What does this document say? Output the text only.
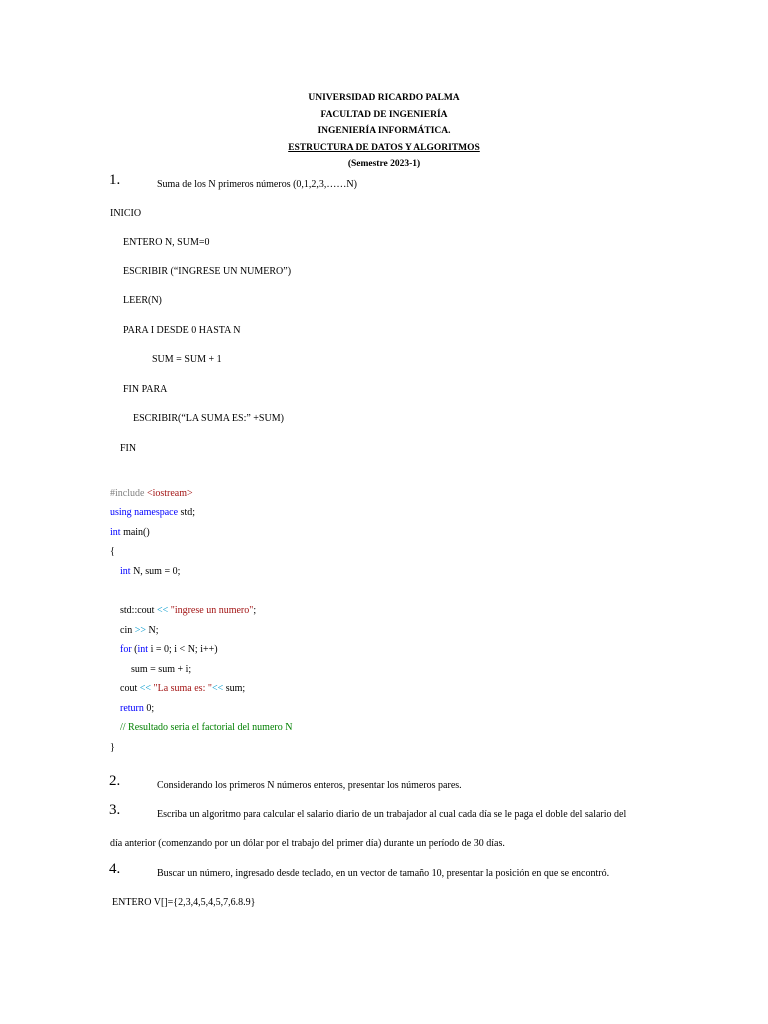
UNIVERSIDAD RICARDO PALMA
FACULTAD DE INGENIERÍA
INGENIERÍA INFORMÁTICA.
ESTRUCTURA DE DATOS Y ALGORITMOS
(Semestre 2023-1)
1.	Suma de los N primeros números (0,1,2,3,……N)
INICIO
ENTERO N, SUM=0
ESCRIBIR (“INGRESE UN NUMERO”)
LEER(N)
PARA I DESDE 0 HASTA N
SUM = SUM + 1
FIN PARA
ESCRIBIR(“LA SUMA ES:” +SUM)
FIN
#include <iostream>
using namespace std;
int main()
{
int N, sum = 0;
std::cout << "ingrese un numero";
cin >> N;
for (int i = 0; i < N; i++)
sum = sum + i;
cout << "La suma es: "<< sum;
return 0;
// Resultado seria el factorial del numero N
}
2.	Considerando los primeros N números enteros, presentar los números pares.
3.	Escriba un algoritmo para calcular el salario diario de un trabajador al cual cada día se le paga el doble del salario del
día anterior (comenzando por un dólar por el trabajo del primer día) durante un período de 30 días.
4.	Buscar un número, ingresado desde teclado, en un vector de tamaño 10, presentar la posición en que se encontró.
ENTERO V[]={2,3,4,5,4,5,7,6.8.9}
